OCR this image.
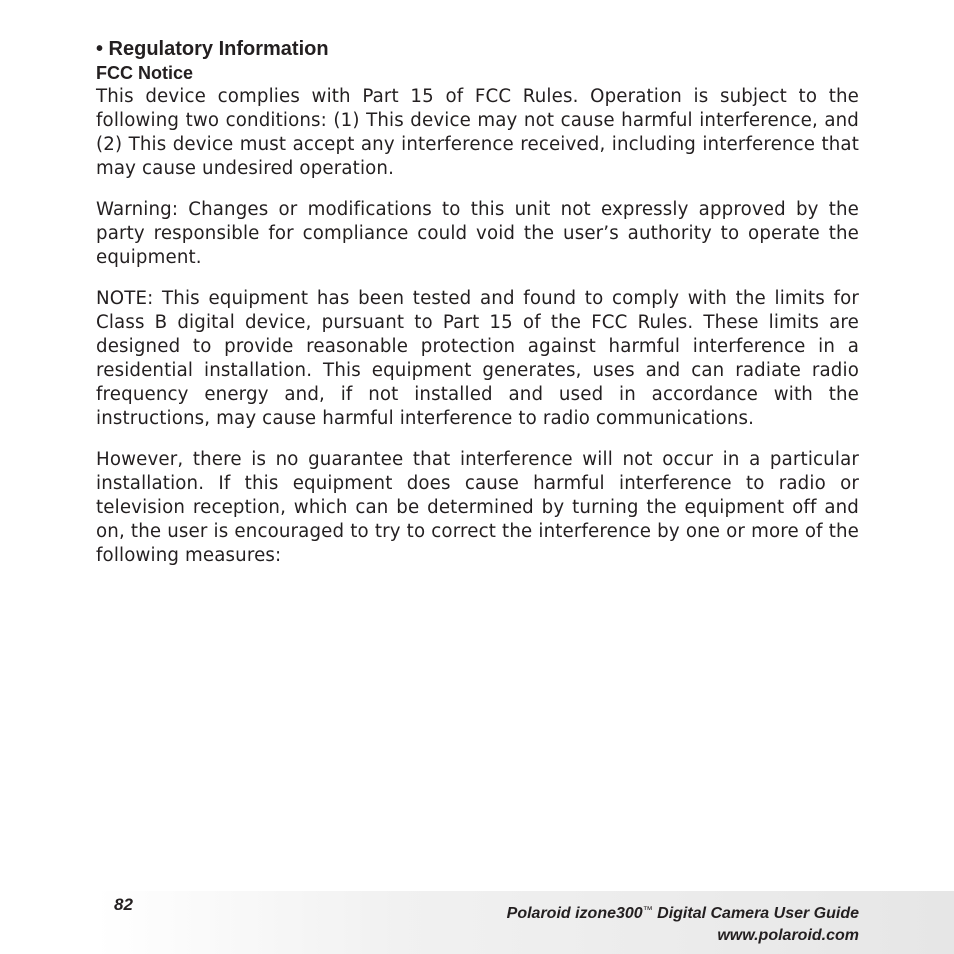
• Regulatory Information
FCC Notice

This device complies with Part 15 of FCC Rules. Operation is subject to the following two conditions: (1) This device may not cause harmful interference, and (2) This device must accept any interference received, including interference that may cause undesired operation.

Warning: Changes or modifications to this unit not expressly approved by the party responsible for compliance could void the user’s authority to operate the equipment.

NOTE: This equipment has been tested and found to comply with the limits for Class B digital device, pursuant to Part 15 of the FCC Rules. These limits are designed to provide reasonable protection against harmful interference in a residential installation. This equipment generates, uses and can radiate radio frequency energy and, if not installed and used in accordance with the instructions, may cause harmful interference to radio communications.

However, there is no guarantee that interference will not occur in a particular installation. If this equipment does cause harmful interference to radio or television reception, which can be determined by turning the equipment off and on, the user is encouraged to try to correct the interference by one or more of the following measures:

82	Polaroid izone300™ Digital Camera User Guide
www.polaroid.com
